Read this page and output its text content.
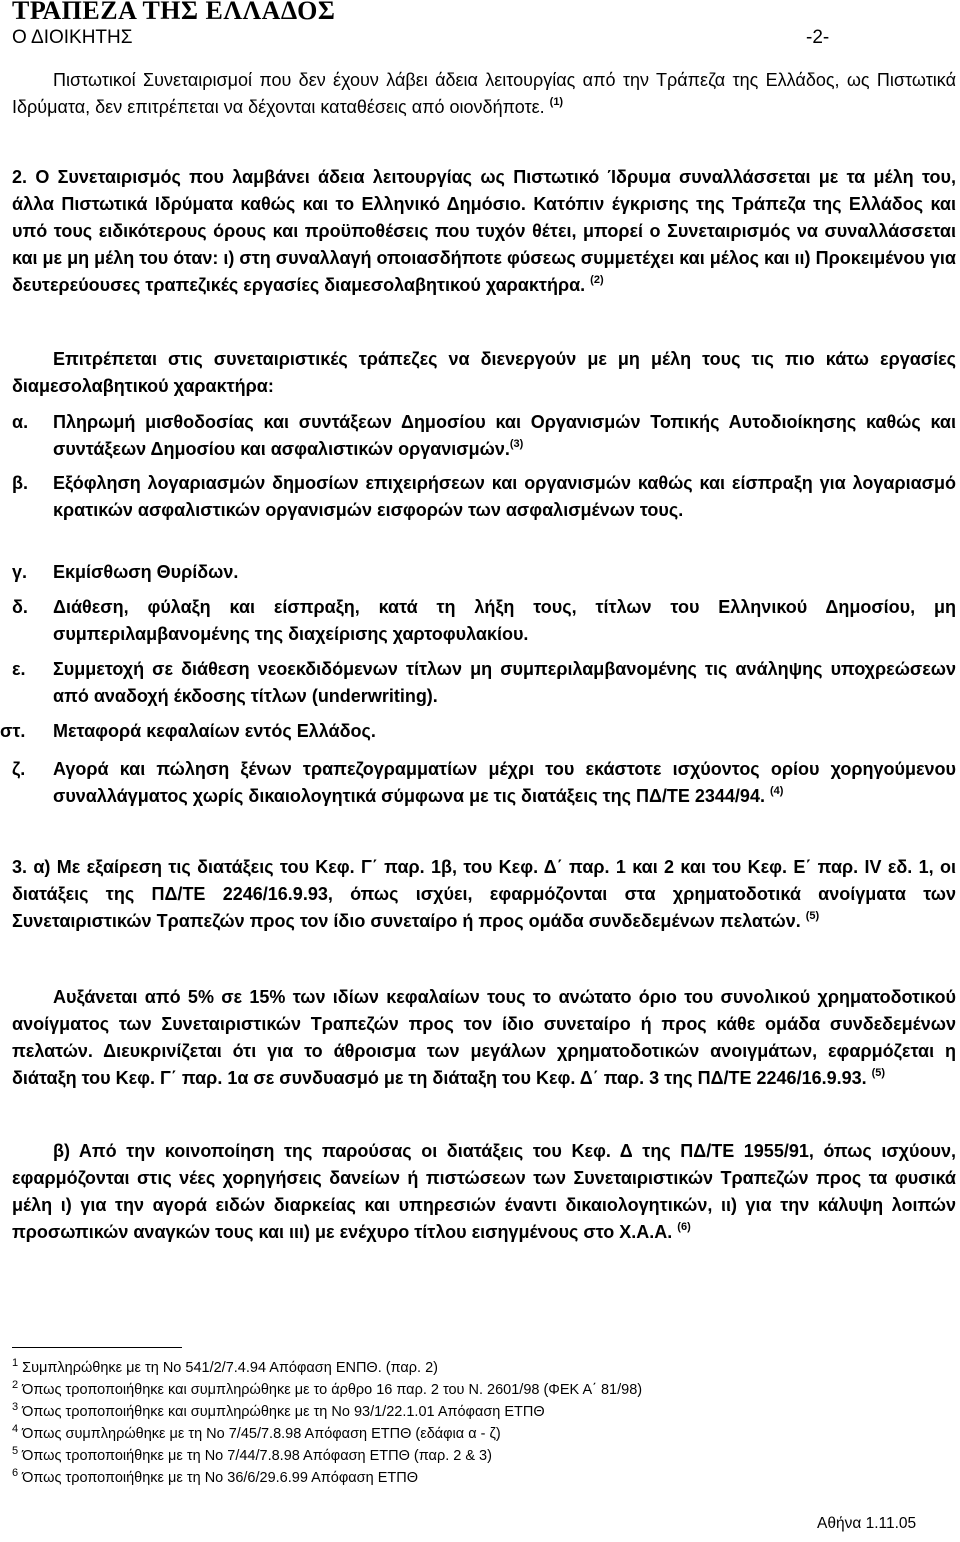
ΤΡΑΠΕΖΑ ΤΗΣ ΕΛΛΑΔΟΣ
Ο ΔΙΟΙΚΗΤΗΣ	-2-

Πιστωτικοί Συνεταιρισμοί που δεν έχουν λάβει άδεια λειτουργίας από την Τράπεζα της Ελλάδος, ως Πιστωτικά Ιδρύματα, δεν επιτρέπεται να δέχονται καταθέσεις από οιονδήποτε. $^{(1)}$

2. Ο Συνεταιρισμός που λαμβάνει άδεια λειτουργίας ως Πιστωτικό Ίδρυμα συναλλάσσεται με τα μέλη του, άλλα Πιστωτικά Ιδρύματα καθώς και το Ελληνικό Δημόσιο. Κατόπιν έγκρισης της Τράπεζα της Ελλάδος και υπό τους ειδικότερους όρους και προϋποθέσεις που τυχόν θέτει, μπορεί ο Συνεταιρισμός να συναλλάσσεται και με μη μέλη του όταν: ι) στη συναλλαγή οποιασδήποτε φύσεως συμμετέχει και μέλος και ιι) Προκειμένου για δευτερεύουσες τραπεζικές εργασίες διαμεσολαβητικού χαρακτήρα. $^{(2)}$

Επιτρέπεται στις συνεταιριστικές τράπεζες να διενεργούν με μη μέλη τους τις πιο κάτω εργασίες διαμεσολαβητικού χαρακτήρα:

α.	Πληρωμή μισθοδοσίας και συντάξεων Δημοσίου και Οργανισμών Τοπικής Αυτοδιοίκησης καθώς και συντάξεων Δημοσίου και ασφαλιστικών οργανισμών.$^{(3)}$
β.	Εξόφληση λογαριασμών δημοσίων επιχειρήσεων και οργανισμών καθώς και είσπραξη για λογαριασμό κρατικών ασφαλιστικών οργανισμών εισφορών των ασφαλισμένων τους.
γ.	Εκμίσθωση Θυρίδων.
δ.	Διάθεση, φύλαξη και είσπραξη, κατά τη λήξη τους, τίτλων του Ελληνικού Δημοσίου, μη συμπεριλαμβανομένης της διαχείρισης χαρτοφυλακίου.
ε.	Συμμετοχή σε διάθεση νεοεκδιδόμενων τίτλων μη συμπεριλαμβανομένης τις ανάληψης υποχρεώσεων από αναδοχή έκδοσης τίτλων (underwriting).
στ.	Μεταφορά κεφαλαίων εντός Ελλάδος.
ζ.	Αγορά και πώληση ξένων τραπεζογραμματίων μέχρι του εκάστοτε ισχύοντος ορίου χορηγούμενου συναλλάγματος χωρίς δικαιολογητικά σύμφωνα με τις διατάξεις της ΠΔ/ΤΕ 2344/94. $^{(4)}$

3. α) Με εξαίρεση τις διατάξεις του Κεφ. Γ΄ παρ. 1β, του Κεφ. Δ΄ παρ. 1 και 2 και του Κεφ. Ε΄ παρ. IV εδ. 1, οι διατάξεις της ΠΔ/ΤΕ 2246/16.9.93, όπως ισχύει, εφαρμόζονται στα χρηματοδοτικά ανοίγματα των Συνεταιριστικών Τραπεζών προς τον ίδιο συνεταίρο ή προς ομάδα συνδεδεμένων πελατών. $^{(5)}$

Αυξάνεται από 5% σε 15% των ιδίων κεφαλαίων τους το ανώτατο όριο του συνολικού χρηματοδοτικού ανοίγματος των Συνεταιριστικών Τραπεζών προς τον ίδιο συνεταίρο ή προς κάθε ομάδα συνδεδεμένων πελατών. Διευκρινίζεται ότι για το άθροισμα των μεγάλων χρηματοδοτικών ανοιγμάτων, εφαρμόζεται η διάταξη του Κεφ. Γ΄ παρ. 1α σε συνδυασμό με τη διάταξη του Κεφ. Δ΄ παρ. 3 της ΠΔ/ΤΕ 2246/16.9.93. $^{(5)}$

β) Από την κοινοποίηση της παρούσας οι διατάξεις του Κεφ. Δ της ΠΔ/ΤΕ 1955/91, όπως ισχύουν, εφαρμόζονται στις νέες χορηγήσεις δανείων ή πιστώσεων των Συνεταιριστικών Τραπεζών προς τα φυσικά μέλη ι) για την αγορά ειδών διαρκείας και υπηρεσιών έναντι δικαιολογητικών, ιι) για την κάλυψη λοιπών προσωπικών αναγκών τους και ιιι) με ενέχυρο τίτλου εισηγμένους στο Χ.Α.Α. $^{(6)}$

$^1$ Συμπληρώθηκε με τη Νο 541/2/7.4.94 Απόφαση ΕΝΠΘ. (παρ. 2)
$^2$ Όπως τροποποιήθηκε και συμπληρώθηκε με το άρθρο 16 παρ. 2 του Ν. 2601/98 (ΦΕΚ Α΄ 81/98)
$^3$ Όπως τροποποιήθηκε και συμπληρώθηκε με τη Νο 93/1/22.1.01 Απόφαση ΕΤΠΘ
$^4$ Όπως συμπληρώθηκε με τη Νο 7/45/7.8.98 Απόφαση ΕΤΠΘ (εδάφια α - ζ)
$^5$ Όπως τροποποιήθηκε με τη Νο 7/44/7.8.98 Απόφαση ΕΤΠΘ (παρ. 2 & 3)
$^6$ Όπως τροποποιήθηκε με τη Νο 36/6/29.6.99 Απόφαση ΕΤΠΘ
Αθήνα 1.11.05
